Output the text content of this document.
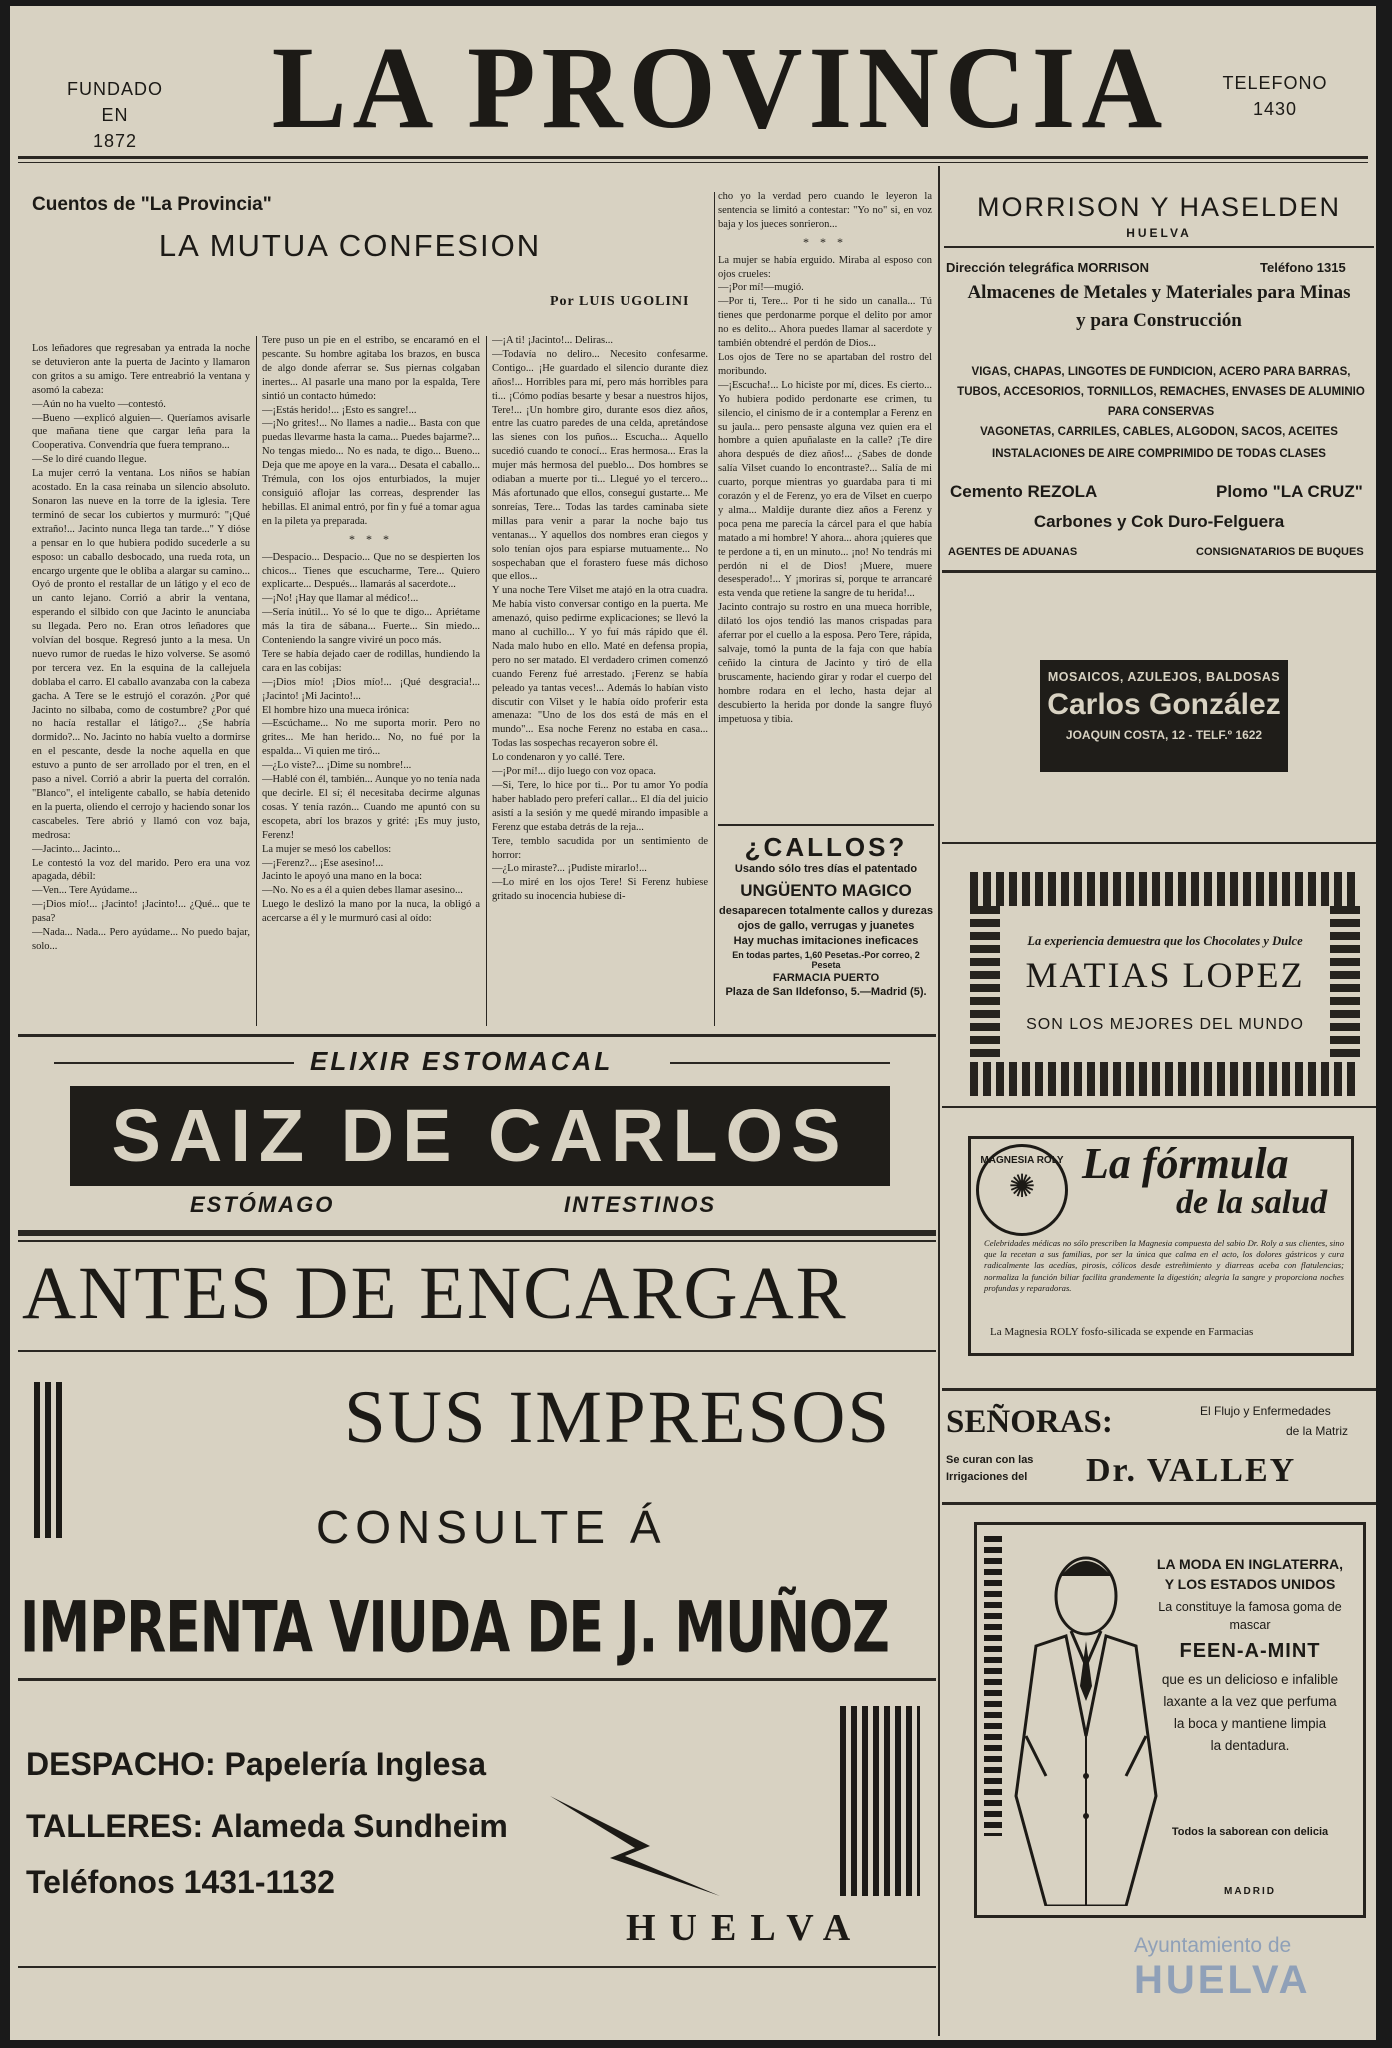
FUNDADO EN
1872	LA PROVINCIA	TELEFONO
1430
Cuentos de "La Provincia"
LA MUTUA CONFESION
Por LUIS UGOLINI

Los leñadores que regresaban ya entrada la noche se detuvieron ante la puerta de Jacinto y llamaron con gritos a su amigo. Tere entreabrió la ventana y asomó la cabeza:

—Aún no ha vuelto —contestó.

—Bueno —explicó alguien—. Queríamos avisarle que mañana tiene que cargar leña para la Cooperativa. Convendría que fuera temprano...

—Se lo diré cuando llegue.

La mujer cerró la ventana. Los niños se habían acostado. En la casa reinaba un silencio absoluto. Sonaron las nueve en la torre de la iglesia. Tere terminó de secar los cubiertos y murmuró: "¡Qué extraño!... Jacinto nunca llega tan tarde..." Y dióse a pensar en lo que hubiera podido sucederle a su esposo: un caballo desbocado, una rueda rota, un encargo urgente que le obliba a alargar su camino... Oyó de pronto el restallar de un látigo y el eco de un canto lejano. Corrió a abrir la ventana, esperando el silbido con que Jacinto le anunciaba su llegada. Pero no. Eran otros leñadores que volvían del bosque. Regresó junto a la mesa. Un nuevo rumor de ruedas le hizo volverse. Se asomó por tercera vez. En la esquina de la callejuela doblaba el carro. El caballo avanzaba con la cabeza gacha. A Tere se le estrujó el corazón. ¿Por qué Jacinto no silbaba, como de costumbre? ¿Por qué no hacía restallar el látigo?... ¿Se habría dormido?... No. Jacinto no había vuelto a dormirse en el pescante, desde la noche aquella en que estuvo a punto de ser arrollado por el tren, en el paso a nivel. Corrió a abrir la puerta del corralón. "Blanco", el inteligente caballo, se había detenido en la puerta, oliendo el cerrojo y haciendo sonar los cascabeles. Tere abrió y llamó con voz baja, medrosa:

—Jacinto... Jacinto...

Le contestó la voz del marido. Pero era una voz apagada, débil:

—Ven... Tere Ayúdame...

—¡Dios mío!... ¡Jacinto! ¡Jacinto!... ¿Qué... que te pasa?

—Nada... Nada... Pero ayúdame... No puedo bajar, solo...

Tere puso un pie en el estribo, se encaramó en el pescante. Su hombre agitaba los brazos, en busca de algo donde aferrar se. Sus piernas colgaban inertes... Al pasarle una mano por la espalda, Tere sintió un contacto húmedo:

—¡Estás herido!... ¡Esto es sangre!...

—¡No grites!... No llames a nadie... Basta con que puedas llevarme hasta la cama... Puedes bajarme?... No tengas miedo... No es nada, te digo... Bueno... Deja que me apoye en la vara... Desata el caballo... Trémula, con los ojos enturbiados, la mujer consiguió aflojar las correas, desprender las hebillas. El animal entró, por fin y fué a tomar agua en la pileta ya preparada.

* * *

—Despacio... Despacio... Que no se despierten los chicos... Tienes que escucharme, Tere... Quiero explicarte... Después... llamarás al sacerdote...

—¡No! ¡Hay que llamar al médico!...

—Sería inútil... Yo sé lo que te digo... Apriétame más la tira de sábana... Fuerte... Sin miedo... Conteniendo la sangre viviré un poco más.

Tere se había dejado caer de rodillas, hundiendo la cara en las cobijas:

—¡Dios mío! ¡Dios mío!... ¡Qué desgracia!... ¡Jacinto! ¡Mi Jacinto!...

El hombre hizo una mueca irónica:

—Escúchame... No me suporta morir. Pero no grites... Me han herido... No, no fué por la espalda... Vi quien me tiró...

—¿Lo viste?... ¡Dime su nombre!...

—Hablé con él, también... Aunque yo no tenía nada que decirle. El sí; él necesitaba decirme algunas cosas. Y tenía razón... Cuando me apuntó con su escopeta, abrí los brazos y grité: ¡Es muy justo, Ferenz!

La mujer se mesó los cabellos:

—¡Ferenz?... ¡Ese asesino!...

Jacinto le apoyó una mano en la boca:

—No. No es a él a quien debes llamar asesino...

Luego le deslizó la mano por la nuca, la obligó a acercarse a él y le murmuró casi al oído:

—¡A ti! ¡Jacinto!... Deliras...

—Todavía no deliro... Necesito confesarme. Contigo... ¡He guardado el silencio durante diez años!... Horribles para mí, pero más horribles para ti... ¡Cómo podías besarte y besar a nuestros hijos, Tere!... ¡Un hombre giro, durante esos diez años, entre las cuatro paredes de una celda, apretándose las sienes con los puños... Escucha... Aquello sucedió cuando te conocí... Eras hermosa... Eras la mujer más hermosa del pueblo... Dos hombres se odiaban a muerte por ti... Llegué yo el tercero... Más afortunado que ellos, conseguí gustarte... Me sonreías, Tere... Todas las tardes caminaba siete millas para venir a parar la noche bajo tus ventanas... Y aquellos dos nombres eran ciegos y solo tenían ojos para espiarse mutuamente... No sospechaban que el forastero fuese más dichoso que ellos...

Y una noche Tere Vilset me atajó en la otra cuadra. Me había visto conversar contigo en la puerta. Me amenazó, quiso pedirme explicaciones; se llevó la mano al cuchillo... Y yo fuí más rápido que él. Nada malo hubo en ello. Maté en defensa propia, pero no ser matado. El verdadero crimen comenzó cuando Ferenz fué arrestado. ¡Ferenz se había peleado ya tantas veces!... Además lo habían visto discutir con Vilset y le había oído proferir esta amenaza: "Uno de los dos está de más en el mundo"... Esa noche Ferenz no estaba en casa... Todas las sospechas recayeron sobre él.

Lo condenaron y yo callé. Tere.

—¡Por mí!... dijo luego con voz opaca.

—Si, Tere, lo hice por ti... Por tu amor Yo podía haber hablado pero preferí callar... El día del juicio asistí a la sesión y me quedé mirando impasible a Ferenz que estaba detrás de la reja...

Tere, temblo sacudida por un sentimiento de horror:

—¿Lo miraste?... ¡Pudiste mirarlo!...

—Lo miré en los ojos Tere! Si Ferenz hubiese gritado su inocencia hubiese di-

cho yo la verdad pero cuando le leyeron la sentencia se limitó a contestar: "Yo no" si, en voz baja y los jueces sonrieron...

* * *

La mujer se había erguido. Miraba al esposo con ojos crueles:

—¡Por mí!—mugió.

—Por ti, Tere... Por ti he sido un canalla... Tú tienes que perdonarme porque el delito por amor no es delito... Ahora puedes llamar al sacerdote y también obtendré el perdón de Dios...

Los ojos de Tere no se apartaban del rostro del moribundo.

—¡Escucha!... Lo hiciste por mí, dices. Es cierto... Yo hubiera podido perdonarte ese crimen, tu silencio, el cinismo de ir a contemplar a Ferenz en su jaula... pero pensaste alguna vez quien era el hombre a quien apuñalaste en la calle? ¡Te dire ahora después de diez años!... ¿Sabes de donde salía Vilset cuando lo encontraste?... Salía de mi cuarto, porque mientras yo guardaba para ti mi corazón y el de Ferenz, yo era de Vilset en cuerpo y alma... Maldije durante diez años a Ferenz y poca pena me parecía la cárcel para el que había matado a mi hombre! Y ahora... ahora ¡quieres que te perdone a ti, en un minuto... ¡no! No tendrás mi perdón ni el de Dios! ¡Muere, muere desesperado!... Y ¡moriras sí, porque te arrancaré esta venda que retiene la sangre de tu herida!...

Jacinto contrajo su rostro en una mueca horrible, dilató los ojos tendió las manos crispadas para aferrar por el cuello a la esposa. Pero Tere, rápida, salvaje, tomó la punta de la faja con que había ceñido la cintura de Jacinto y tiró de ella bruscamente, haciendo girar y rodar el cuerpo del hombre rodara en el lecho, hasta dejar al descubierto la herida por donde la sangre fluyó impetuosa y tibia.

¿CALLOS?
Usando sólo tres días el patentado
UNGÜENTO MAGICO
desaparecen totalmente callos y durezas
ojos de gallo, verrugas y juanetes
Hay muchas imitaciones ineficaces
En todas partes, 1,60 Pesetas.-Por correo, 2 Peseta
FARMACIA PUERTO
Plaza de San Ildefonso, 5.—Madrid (5).
MORRISON Y HASELDEN
HUELVA
Dirección telegráfica MORRISON	Teléfono 1315
Almacenes de Metales y Materiales para Minas
y para Construcción
VIGAS, CHAPAS, LINGOTES DE FUNDICION, ACERO PARA BARRAS, TUBOS, ACCESORIOS, TORNILLOS, REMACHES, ENVASES DE ALUMINIO PARA CONSERVAS
VAGONETAS, CARRILES, CABLES, ALGODON, SACOS, ACEITES
INSTALACIONES DE AIRE COMPRIMIDO DE TODAS CLASES
Cemento REZOLA	Plomo "LA CRUZ"
Carbones y Cok Duro-Felguera
AGENTES DE ADUANAS	CONSIGNATARIOS DE BUQUES
MOSAICOS, AZULEJOS, BALDOSAS
Carlos González
JOAQUIN COSTA, 12 - TELF.º 1622
La experiencia demuestra que los Chocolates y Dulce
MATIAS LOPEZ
SON LOS MEJORES DEL MUNDO
MAGNESIA ROLY
✺	La fórmula
de la salud
Celebridades médicas no sólo prescriben la Magnesia compuesta del sabio Dr. Roly a sus clientes, sino que la recetan a sus familias, por ser la única que calma en el acto, los dolores gástricos y cura radicalmente las acedías, pirosis, cólicos desde estreñimiento y diarreas aceba con flatulencias; normaliza la función biliar facilita grandemente la digestión; alegria la sangre y proporciona noches profundas y reparadoras.
La Magnesia ROLY fosfo-silicada se expende en Farmacias
SEÑORAS:	El Flujo y Enfermedades
de la Matriz
Se curan con las
Irrigaciones del Dr. VALLEY
LA MODA EN INGLATERRA,
Y LOS ESTADOS UNIDOS
La constituye la famosa goma de
mascar
FEEN-A-MINT
que es un delicioso e infalible
laxante a la vez que perfuma
la boca y mantiene limpia
la dentadura.
Todos la saborean con delicia
MADRID
ELIXIR ESTOMACAL
SAIZ DE CARLOS
ESTÓMAGO	INTESTINOS
ANTES DE ENCARGAR
SUS IMPRESOS
CONSULTE Á
IMPRENTA VIUDA DE J. MUÑOZ
DESPACHO: Papelería Inglesa
TALLERES: Alameda Sundheim
Teléfonos 1431-1132
HUELVA	Ayuntamiento de
HUELVA
